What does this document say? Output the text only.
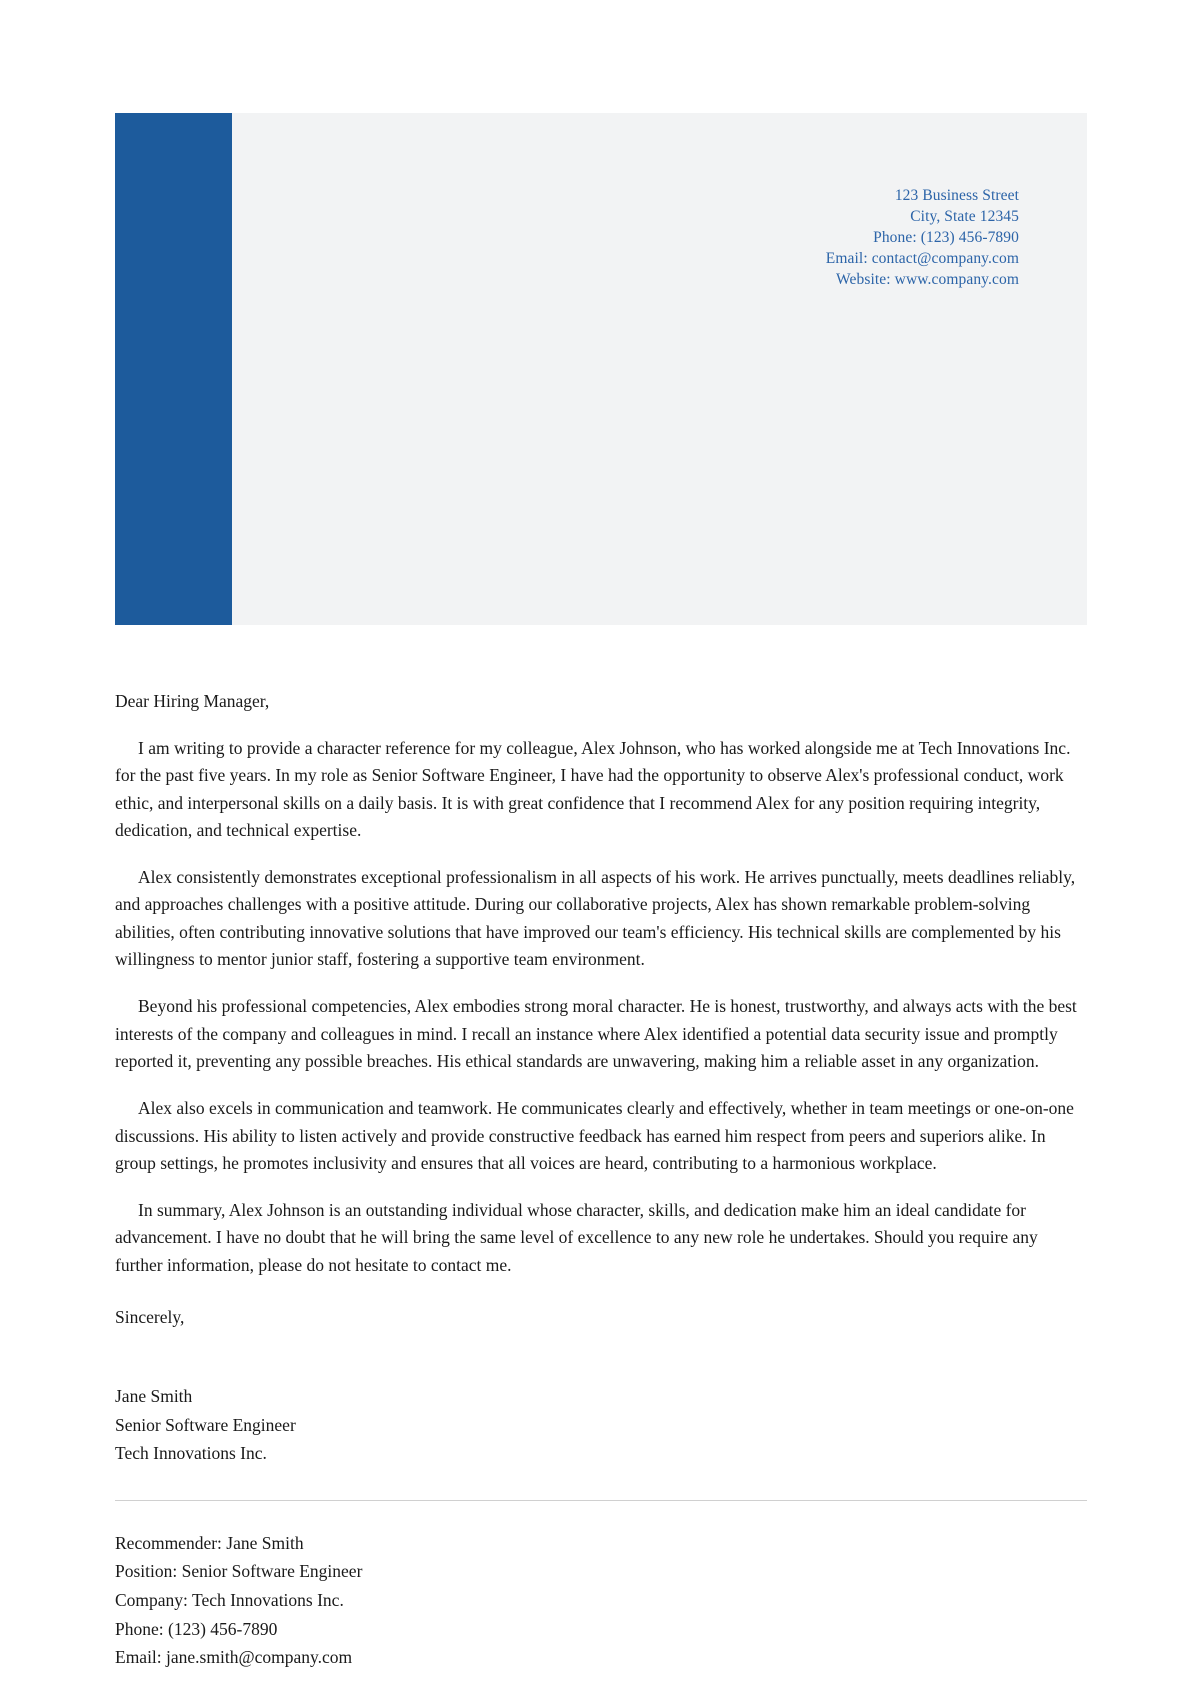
123 Business Street
City, State 12345
Phone: (123) 456-7890
Email: contact@company.com
Website: www.company.com

Dear Hiring Manager,

I am writing to provide a character reference for my colleague, Alex Johnson, who has worked alongside me at Tech Innovations Inc. for the past five years. In my role as Senior Software Engineer, I have had the opportunity to observe Alex's professional conduct, work ethic, and interpersonal skills on a daily basis. It is with great confidence that I recommend Alex for any position requiring integrity, dedication, and technical expertise.

Alex consistently demonstrates exceptional professionalism in all aspects of his work. He arrives punctually, meets deadlines reliably, and approaches challenges with a positive attitude. During our collaborative projects, Alex has shown remarkable problem-solving abilities, often contributing innovative solutions that have improved our team's efficiency. His technical skills are complemented by his willingness to mentor junior staff, fostering a supportive team environment.

Beyond his professional competencies, Alex embodies strong moral character. He is honest, trustworthy, and always acts with the best interests of the company and colleagues in mind. I recall an instance where Alex identified a potential data security issue and promptly reported it, preventing any possible breaches. His ethical standards are unwavering, making him a reliable asset in any organization.

Alex also excels in communication and teamwork. He communicates clearly and effectively, whether in team meetings or one-on-one discussions. His ability to listen actively and provide constructive feedback has earned him respect from peers and superiors alike. In group settings, he promotes inclusivity and ensures that all voices are heard, contributing to a harmonious workplace.

In summary, Alex Johnson is an outstanding individual whose character, skills, and dedication make him an ideal candidate for advancement. I have no doubt that he will bring the same level of excellence to any new role he undertakes. Should you require any further information, please do not hesitate to contact me.

Sincerely,

Jane Smith
Senior Software Engineer
Tech Innovations Inc.
Recommender: Jane Smith
Position: Senior Software Engineer
Company: Tech Innovations Inc.
Phone: (123) 456-7890
Email: jane.smith@company.com
